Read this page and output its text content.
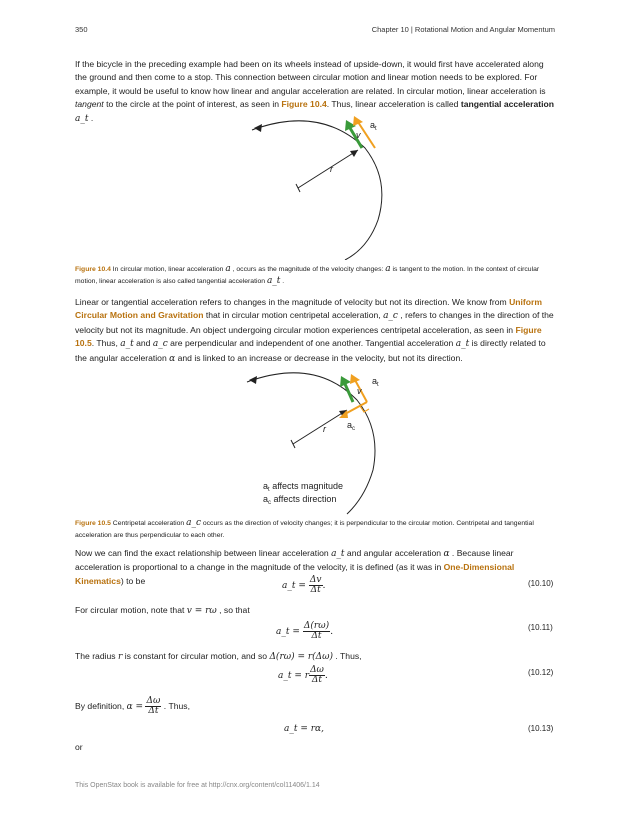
350	Chapter 10 | Rotational Motion and Angular Momentum
If the bicycle in the preceding example had been on its wheels instead of upside-down, it would first have accelerated along the ground and then come to a stop. This connection between circular motion and linear motion needs to be explored. For example, it would be useful to know how linear and angular acceleration are related. In circular motion, linear acceleration is tangent to the circle at the point of interest, as seen in Figure 10.4. Thus, linear acceleration is called tangential acceleration a_t .
$a_t$
v
r
Figure 10.4 In circular motion, linear acceleration a , occurs as the magnitude of the velocity changes: a is tangent to the motion. In the context of circular motion, linear acceleration is also called tangential acceleration a_t .
Linear or tangential acceleration refers to changes in the magnitude of velocity but not its direction. We know from Uniform Circular Motion and Gravitation that in circular motion centripetal acceleration, a_c , refers to changes in the direction of the velocity but not its magnitude. An object undergoing circular motion experiences centripetal acceleration, as seen in Figure 10.5. Thus, a_t and a_c are perpendicular and independent of one another. Tangential acceleration a_t is directly related to the angular acceleration α and is linked to an increase or decrease in the velocity, but not its direction.
$a_t$
v
$a_c$
r
$a_t$ affects magnitude
$a_c$ affects direction
Figure 10.5 Centripetal acceleration a_c occurs as the direction of velocity changes; it is perpendicular to the circular motion. Centripetal and tangential acceleration are thus perpendicular to each other.
Now we can find the exact relationship between linear acceleration a_t and angular acceleration α . Because linear acceleration is proportional to a change in the magnitude of the velocity, it is defined (as it was in One-Dimensional Kinematics) to be
a_t = $\frac{\Delta v}{\Delta t}$ .	(10.10)
For circular motion, note that v = rω , so that
a_t = $\frac{\Delta(r\omega)}{\Delta t}$ .	(10.11)
The radius r is constant for circular motion, and so Δ(rω) = r(Δω) . Thus,
a_t = r $\frac{\Delta\omega}{\Delta t}$ .	(10.12)
By definition, $\alpha = \frac{\Delta\omega}{\Delta t}$ . Thus,
a_t = rα,	(10.13)
or
This OpenStax book is available for free at http://cnx.org/content/col11406/1.14
